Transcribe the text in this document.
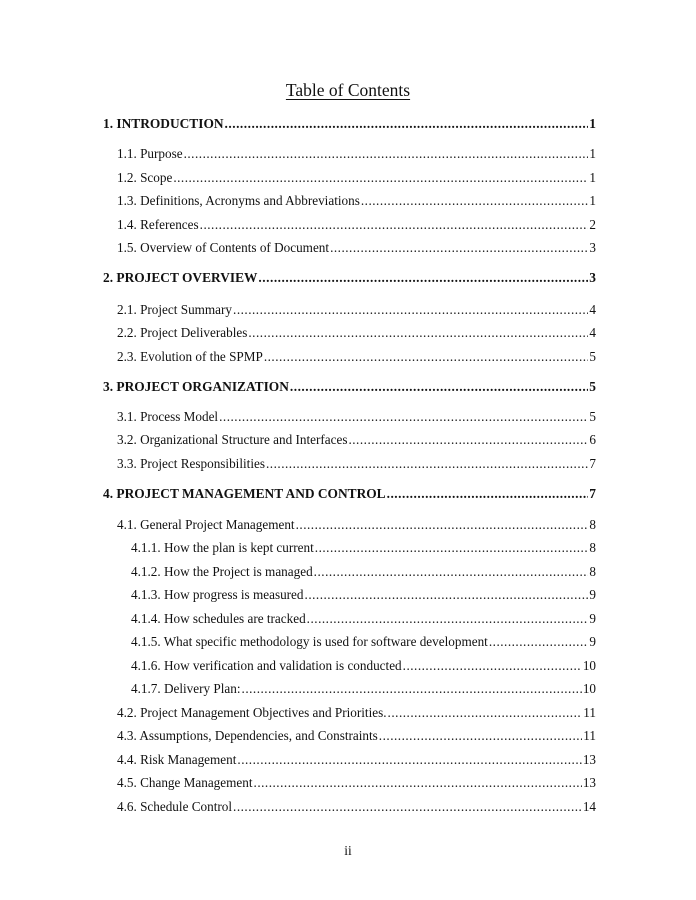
Table of Contents
1. INTRODUCTION .....	1
1.1. Purpose .....	1
1.2. Scope .....	1
1.3. Definitions, Acronyms and Abbreviations .....	1
1.4. References .....	2
1.5. Overview of Contents of Document .....	3
2. PROJECT OVERVIEW .....	3
2.1. Project Summary .....	4
2.2. Project Deliverables .....	4
2.3. Evolution of the SPMP .....	5
3. PROJECT ORGANIZATION .....	5
3.1. Process Model .....	5
3.2. Organizational Structure and Interfaces .....	6
3.3. Project Responsibilities .....	7
4. PROJECT MANAGEMENT AND CONTROL .....	7
4.1. General Project Management .....	8
4.1.1. How the plan is kept current .....	8
4.1.2. How the Project is managed .....	8
4.1.3. How progress is measured .....	9
4.1.4. How schedules are tracked .....	9
4.1.5. What specific methodology is used for software development .....	9
4.1.6. How verification and validation is conducted .....	10
4.1.7. Delivery Plan: .....	10
4.2. Project Management Objectives and Priorities. .....	11
4.3. Assumptions, Dependencies, and Constraints .....	11
4.4. Risk Management .....	13
4.5. Change Management .....	13
4.6. Schedule Control .....	14
ii
